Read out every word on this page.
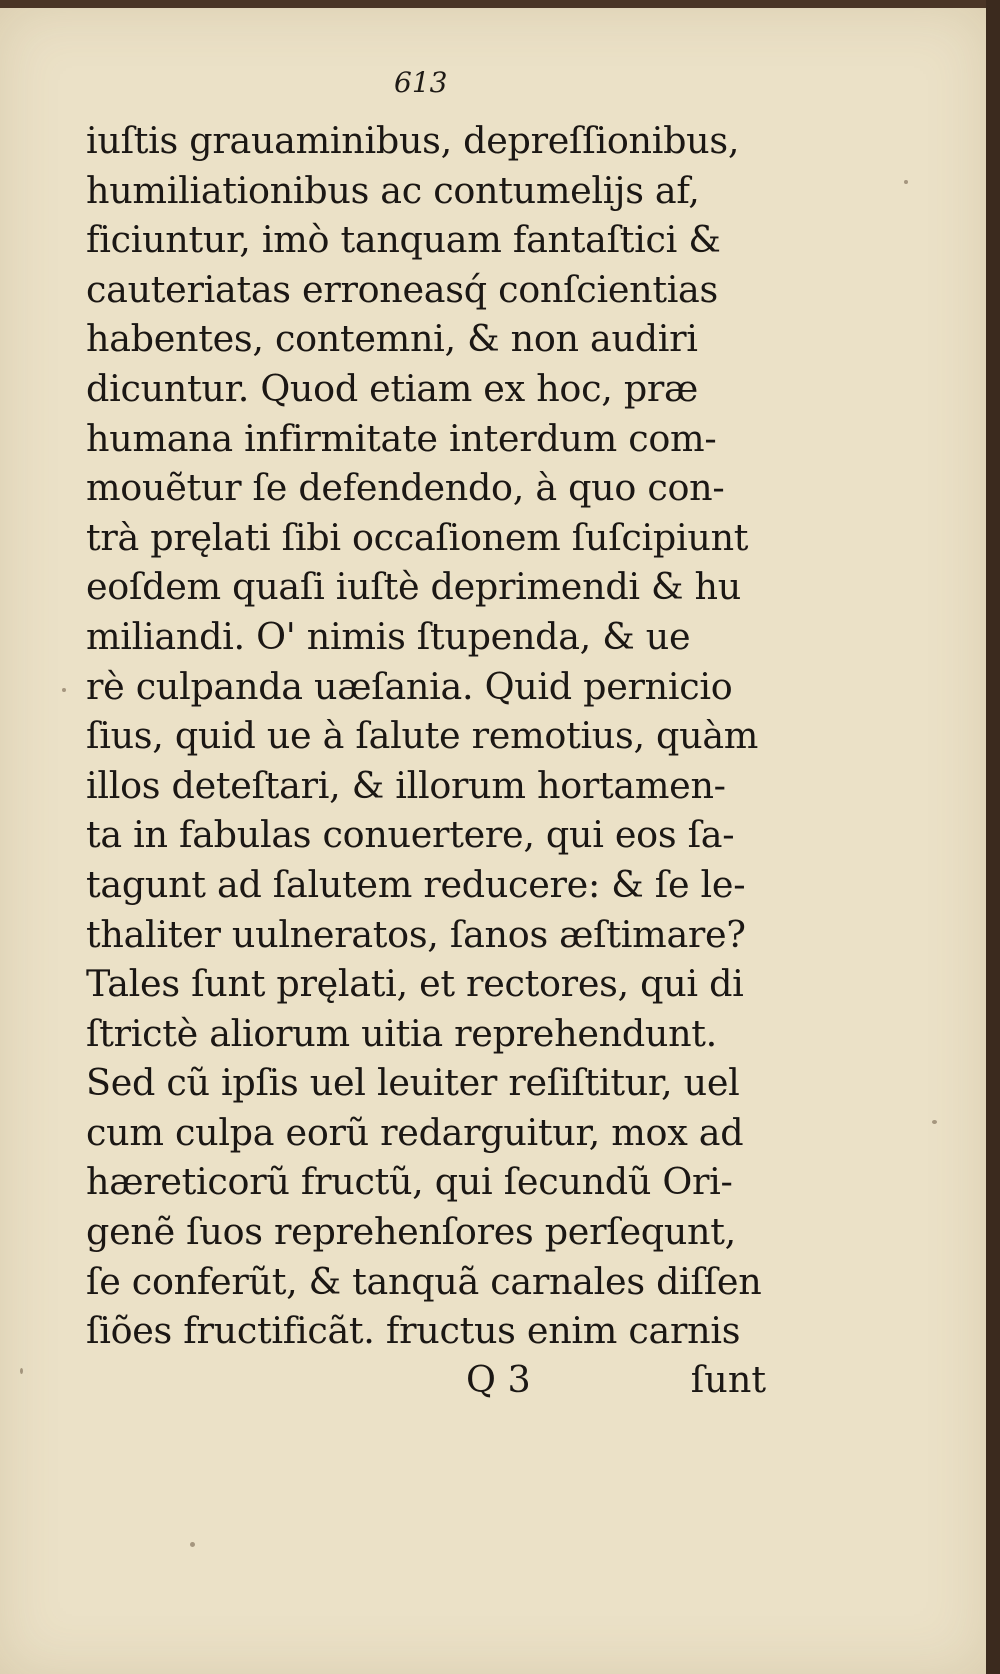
613
iuſtis grauaminibus, depreſſionibus,
humiliationibus ac contumelijs af,
ficiuntur, imò tanquam fantaſtici &
cauteriatas erroneasq́ conſcientias
habentes, contemni, & non audiri
dicuntur. Quod etiam ex hoc, præ
humana infirmitate interdum com-
mouẽtur ſe defendendo, à quo con-
trà pręlati ſibi occaſionem ſuſcipiunt
eoſdem quaſi iuſtè deprimendi & hu
miliandi. O' nimis ſtupenda, & ue
rè culpanda uæſania. Quid pernicio
ſius, quid ue à ſalute remotius, quàm
illos deteſtari, & illorum hortamen-
ta in fabulas conuertere, qui eos ſa-
tagunt ad ſalutem reducere: & ſe le-
thaliter uulneratos, ſanos æſtimare?
Tales ſunt pręlati, et rectores, qui di
ſtrictè aliorum uitia reprehendunt.
Sed cũ ipſis uel leuiter reſiſtitur, uel
cum culpa eorũ redarguitur, mox ad
hæreticorũ fructũ, qui ſecundũ Ori-
genẽ ſuos reprehenſores perſequnt,
ſe conferũt, & tanquã carnales diſſen
ſiões fructificãt. fructus enim carnis
Q 3	ſunt
